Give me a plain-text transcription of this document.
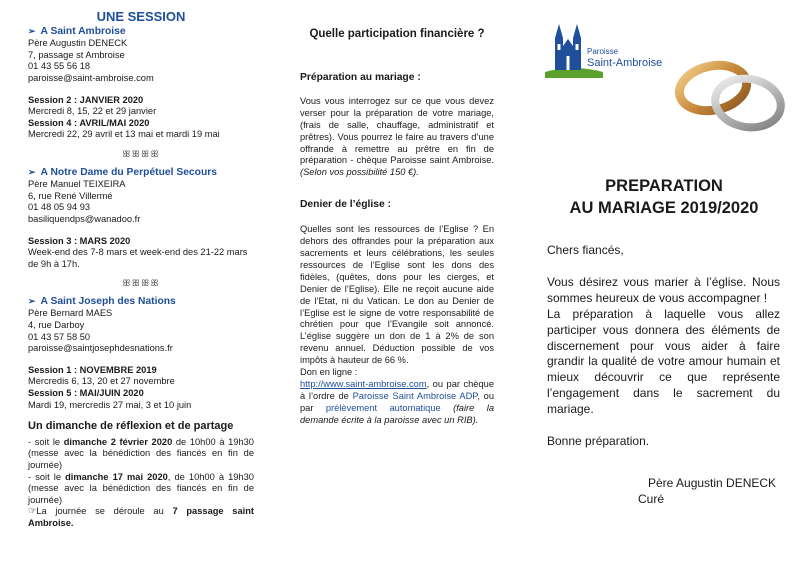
UNE SESSION
➢ A Saint Ambroise
Père Augustin DENECK
7, passage st Ambroise
01 43 55 56 18
paroisse@saint-ambroise.com
Session 2 : JANVIER 2020
Mercredi 8, 15, 22 et 29 janvier
Session 4 : AVRIL/MAI 2020
Mercredi 22, 29 avril et 13 mai et mardi 19 mai
ꕥꕥꕥꕥ
➢ A Notre Dame du Perpétuel Secours
Père Manuel TEIXEIRA
6, rue René Villermé
01 48 05 94 93
basiliquendps@wanadoo.fr
Session 3 : MARS 2020
Week-end des 7-8 mars et week-end des 21-22 mars de 9h à 17h.
ꕥꕥꕥꕥ
➢ A Saint Joseph des Nations
Père Bernard MAES
4, rue Darboy
01 43 57 58 50
paroisse@saintjosephdesnations.fr
Session 1 : NOVEMBRE 2019
Mercredis 6, 13, 20 et 27 novembre
Session 5 : MAI/JUIN 2020
Mardi 19, mercredis 27 mai, 3 et 10 juin
Un dimanche de réflexion et de partage
- soit le dimanche 2 février 2020 de 10h00 à 19h30 (messe avec la bénédiction des fiancés en fin de journée)
- soit le dimanche 17 mai 2020, de 10h00 à 19h30 (messe avec la bénédiction des fiancés en fin de journée)
☞La journée se déroule au 7 passage saint Ambroise.
Quelle participation financière ?
Préparation au mariage :
Vous vous interrogez sur ce que vous devez verser pour la préparation de votre mariage, (frais de salle, chauffage, administratif et prêtres). Vous pourrez le faire au travers d’une offrande à remettre au prêtre en fin de préparation - chèque Paroisse saint Ambroise. (Selon vos possibilité 150 €).
Denier de l’église :
Quelles sont les ressources de l’Eglise ? En dehors des offrandes pour la préparation aux sacrements et leurs célébrations, les seules ressources de l’Eglise sont les dons des fidèles, (quêtes, dons pour les cierges, et Denier de l’Eglise). Elle ne reçoit aucune aide de l’Etat, ni du Vatican. Le don au Denier de l’Eglise est le signe de votre responsabilité de chrétien pour que l’Evangile soit annoncé. L’église suggère un don de 1 à 2% de son revenu annuel. Déduction possible de vos impôts à hauteur de 66 %.
Don en ligne :
http://www.saint-ambroise.com, ou par chèque à l’ordre de Paroisse Saint Ambroise ADP, ou par prélèvement automatique (faire la demande écrite à la paroisse avec un RIB).
Paroisse
Saint-Ambroise
PREPARATION
AU MARIAGE 2019/2020

Chers fiancés,

Vous désirez vous marier à l’église. Nous sommes heureux de vous accompagner !

La préparation à laquelle vous allez participer vous donnera des éléments de discernement pour vous aider à faire grandir la qualité de votre amour humain et mieux découvrir ce que représente l’engagement dans le sacrement du mariage.

Bonne préparation.

Père Augustin DENECK
Curé
